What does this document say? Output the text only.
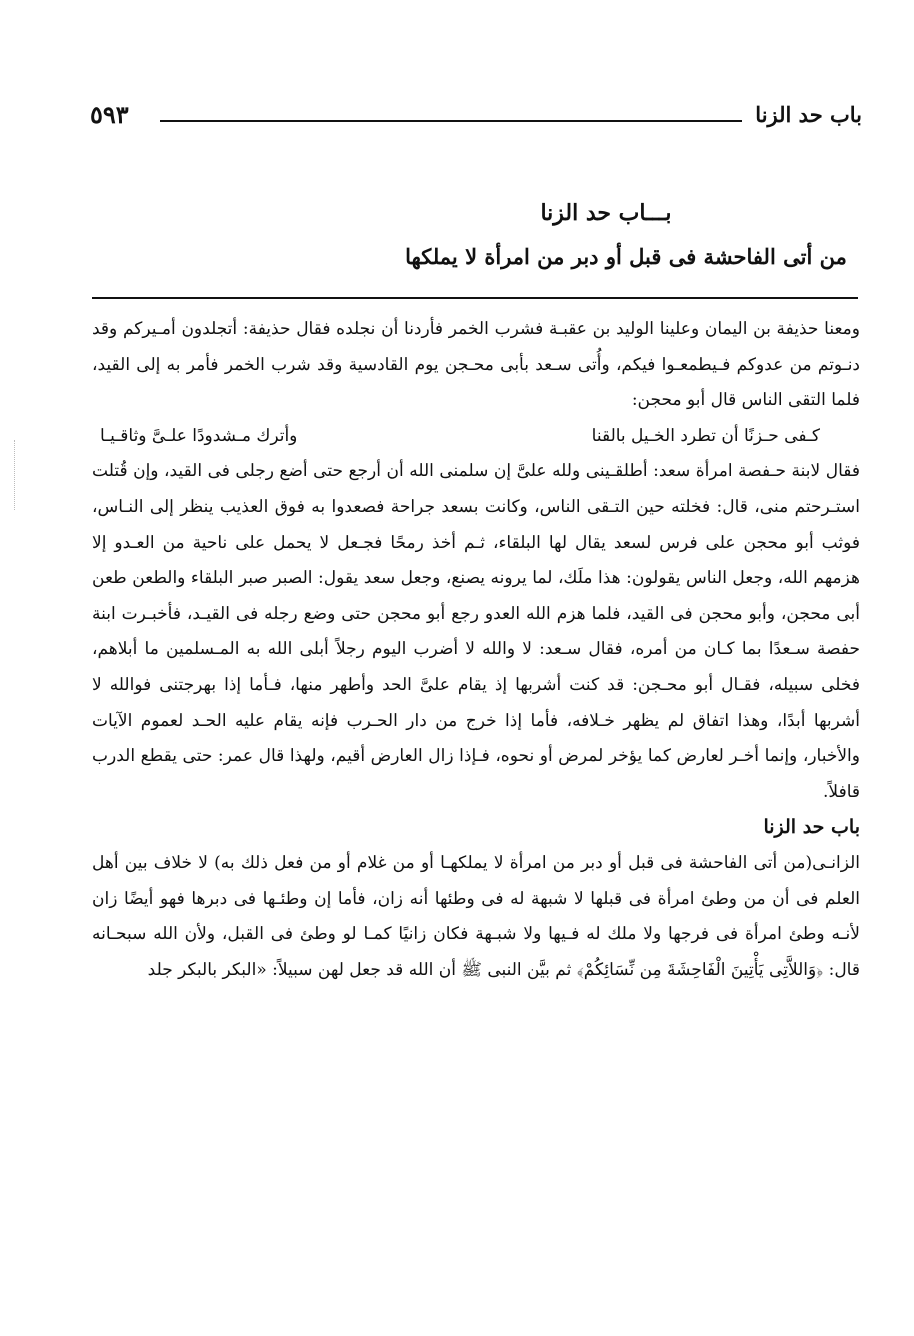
باب حد الزنا
٥٩٣
بـــاب حد الزنا
من أتى الفاحشة فى قبل أو دبر من امرأة لا يملكها

ومعنا حذيفة بن اليمان وعلينا الوليد بن عقبـة فشرب الخمر فأردنا أن نجلده فقال حذيفة: أتجلدون أمـيركم وقد دنـوتم من عدوكم فـيطمعـوا فيكم، وأُتى سـعد بأبى محـجن يوم القادسية وقد شرب الخمر فأمر به إلى القيد، فلما التقى الناس قال أبو محجن:

كـفى حـزنًا أن تطرد الخـيل بالقنا
وأترك مـشدودًا علـىَّ وثاقـيـا

فقال لابنة حـفصة امرأة سعد: أطلقـينى ولله علىَّ إن سلمنى الله أن أرجع حتى أضع رجلى فى القيد، وإن قُتلت استـرحتم منى، قال: فخلته حين التـقى الناس، وكانت بسعد جراحة فصعدوا به فوق العذيب ينظر إلى النـاس، فوثب أبو محجن على فرس لسعد يقال لها البلقاء، ثـم أخذ رمحًا فجـعل لا يحمل على ناحية من العـدو إلا هزمهم الله، وجعل الناس يقولون: هذا ملَك، لما يرونه يصنع، وجعل سعد يقول: الصبر صبر البلقاء والطعن طعن أبى محجن، وأبو محجن فى القيد، فلما هزم الله العدو رجع أبو محجن حتى وضع رجله فى القيـد، فأخبـرت ابنة حفصة سـعدًا بما كـان من أمره، فقال سـعد: لا والله لا أضرب اليوم رجلاً أبلى الله به المـسلمين ما أبلاهم، فخلى سبيله، فقـال أبو محـجن: قد كنت أشربها إذ يقام علىَّ الحد وأطهر منها، فـأما إذا بهرجتنى فوالله لا أشربها أبدًا، وهذا اتفاق لم يظهر خـلافه، فأما إذا خرج من دار الحـرب فإنه يقام عليه الحـد لعموم الآيات والأخبار، وإنما أخـر لعارض كما يؤخر لمرض أو نحوه، فـإذا زال العارض أقيم، ولهذا قال عمر: حتى يقطع الدرب قافلاً.

باب حد الزنا

الزانـى(من أتى الفاحشة فى قبل أو دبر من امرأة لا يملكهـا أو من غلام أو من فعل ذلك به) لا خلاف بين أهل العلم فى أن من وطئ امرأة فى قبلها لا شبهة له فى وطئها أنه زان، فأما إن وطئـها فى دبرها فهو أيضًا زان لأنـه وطئ امرأة فى فرجها ولا ملك له فـيها ولا شبـهة فكان زانيًا كمـا لو وطئ فى القبل، ولأن الله سبحـانه قال: ﴿وَاللاَّتِى يَأْتِينَ الْفَاحِشَةَ مِن نِّسَائِكُمْ﴾ ثم بيَّن النبى ﷺ أن الله قد جعل لهن سبيلاً: «البكر بالبكر جلد
